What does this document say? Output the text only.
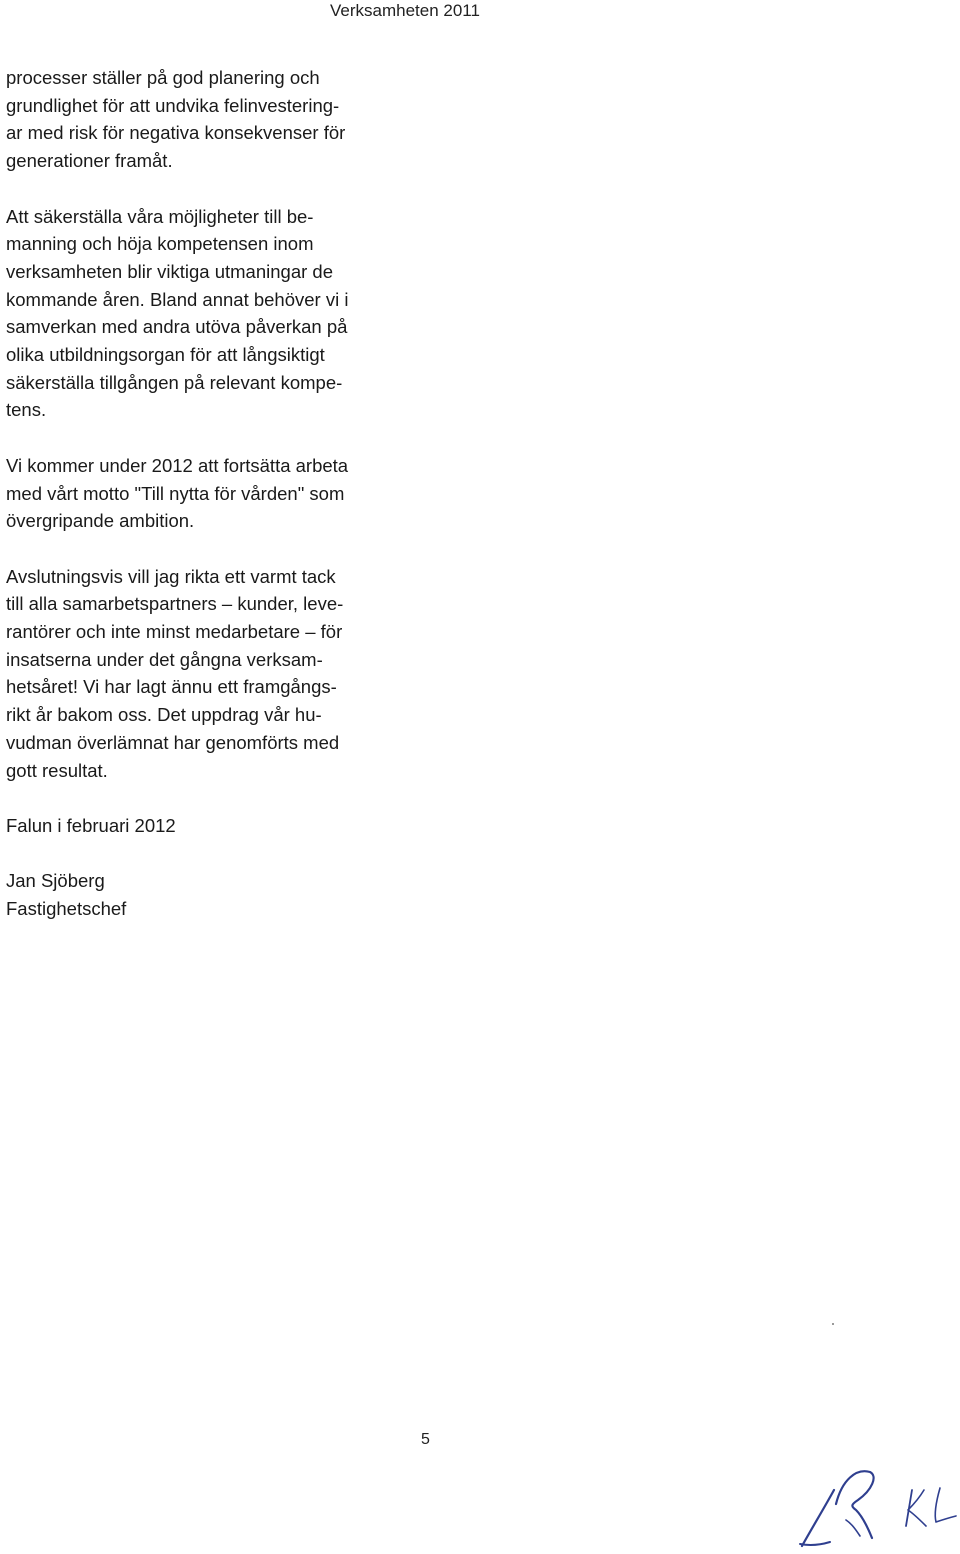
Verksamheten 2011

processer ställer på god planering och
grundlighet för att undvika felinvestering-
ar med risk för negativa konsekvenser för
generationer framåt.

Att säkerställa våra möjligheter till be-
manning och höja kompetensen inom
verksamheten blir viktiga utmaningar de
kommande åren. Bland annat behöver vi i
samverkan med andra utöva påverkan på
olika utbildningsorgan för att långsiktigt
säkerställa tillgången på relevant kompe-
tens.

Vi kommer under 2012 att fortsätta arbeta
med vårt motto "Till nytta för vården" som
övergripande ambition.

Avslutningsvis vill jag rikta ett varmt tack
till alla samarbetspartners – kunder, leve-
rantörer och inte minst medarbetare – för
insatserna under det gångna verksam-
hetsåret! Vi har lagt ännu ett framgångs-
rikt år bakom oss. Det uppdrag vår hu-
vudman överlämnat har genomförts med
gott resultat.

Falun i februari 2012

Jan Sjöberg
Fastighetschef
5
